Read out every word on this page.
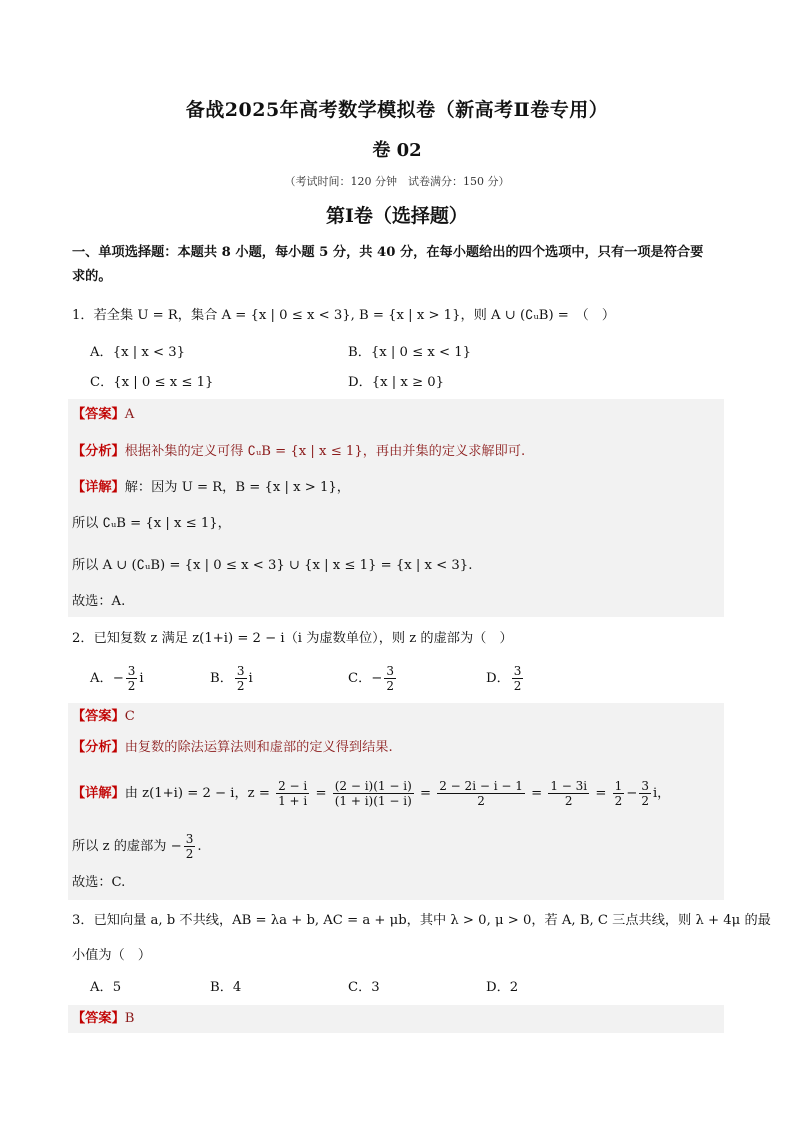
备战2025年高考数学模拟卷（新高考Ⅱ卷专用）
卷 02
（考试时间：120 分钟　试卷满分：150 分）
第Ⅰ卷（选择题）
一、单项选择题：本题共 8 小题，每小题 5 分，共 40 分，在每小题给出的四个选项中，只有一项是符合要
求的。
1．若全集 U = R，集合 A = {x | 0 ≤ x < 3}, B = {x | x > 1}，则 A ∪ (∁ᵤB) =　（　）
A．{x | x < 3}	B．{x | 0 ≤ x < 1}
C．{x | 0 ≤ x ≤ 1}	D．{x | x ≥ 0}
【答案】A
【分析】根据补集的定义可得 ∁ᵤB = {x | x ≤ 1}，再由并集的定义求解即可.
【详解】解：因为 U = R，B = {x | x > 1}，
所以 ∁ᵤB = {x | x ≤ 1}，
所以 A ∪ (∁ᵤB) = {x | 0 ≤ x < 3} ∪ {x | x ≤ 1} = {x | x < 3}.
故选：A.
2．已知复数 z 满足 z(1+i) = 2 − i（i 为虚数单位），则 z 的虚部为（　）
A．− $\frac{3}{2}$ i	B． $\frac{3}{2}$ i	C．− $\frac{3}{2}$	D． $\frac{3}{2}$
【答案】C
【分析】由复数的除法运算法则和虚部的定义得到结果.
【详解】由 z(1+i) = 2 − i，$z = \frac{2 - i}{1 + i} = \frac{(2 - i)(1 - i)}{(1 + i)(1 - i)} = \frac{2 - 2i - i - 1}{2} = \frac{1 - 3i}{2} = \frac{1}{2} - \frac{3}{2}$ i，
所以 z 的虚部为 − $\frac{3}{2}$ .
故选：C.
3．已知向量 a, b 不共线，AB = λa + b, AC = a + μb，其中 λ > 0, μ > 0，若 A, B, C 三点共线，则 λ + 4μ 的最
小值为（　）
A．5	B．4	C．3	D．2
【答案】B
